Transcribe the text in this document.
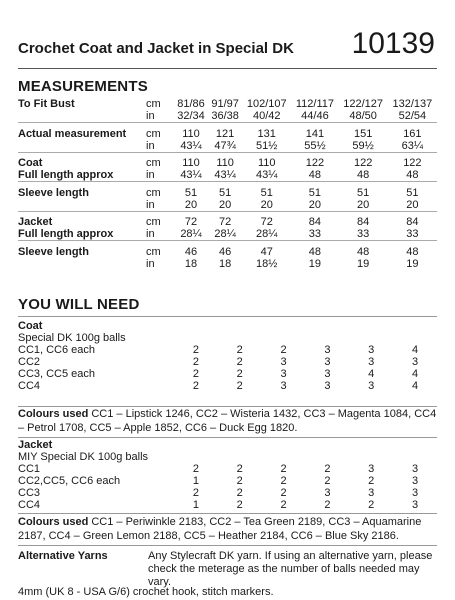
Crochet Coat and Jacket in Special DK 10139
MEASUREMENTS
To Fit Bust	cm	81/86	91/97	102/107	112/117	122/127	132/137
	in	32/34	36/38	40/42	44/46	48/50	52/54

Actual measurement	cm	110	121	131	141	151	161
	in	43¼	47¾	51½	55½	59½	63¼

Coat	cm	110	110	110	122	122	122
Full length approx	in	43¼	43¼	43¼	48	48	48

Sleeve length	cm	51	51	51	51	51	51
	in	20	20	20	20	20	20

Jacket	cm	72	72	72	84	84	84
Full length approx	in	28¼	28¼	28¼	33	33	33

Sleeve length	cm	46	46	47	48	48	48
	in	18	18	18½	19	19	19
YOU WILL NEED
Coat						
Special DK 100g balls						
CC1, CC6 each	2	2	2	3	3	4
CC2	2	2	3	3	3	3
CC3, CC5 each	2	2	3	3	4	4
CC4	2	2	3	3	3	4
Colours used CC1 – Lipstick 1246, CC2 – Wisteria 1432, CC3 – Magenta 1084, CC4 – Petrol 1708, CC5 – Apple 1852, CC6 – Duck Egg 1820.
Jacket						
MIY Special DK 100g balls						
CC1	2	2	2	2	3	3
CC2,CC5, CC6 each	1	2	2	2	2	3
CC3	2	2	2	3	3	3
CC4	1	2	2	2	2	3
Colours used CC1 – Periwinkle 2183, CC2 – Tea Green 2189, CC3 – Aquamarine 2187, CC4 – Green Lemon 2188, CC5 – Heather 2184, CC6 – Blue Sky 2186.
Alternative Yarns	Any Stylecraft DK yarn. If using an alternative yarn, please check the meterage as the number of balls needed may vary.
4mm (UK 8 - USA G/6) crochet hook, stitch markers.
